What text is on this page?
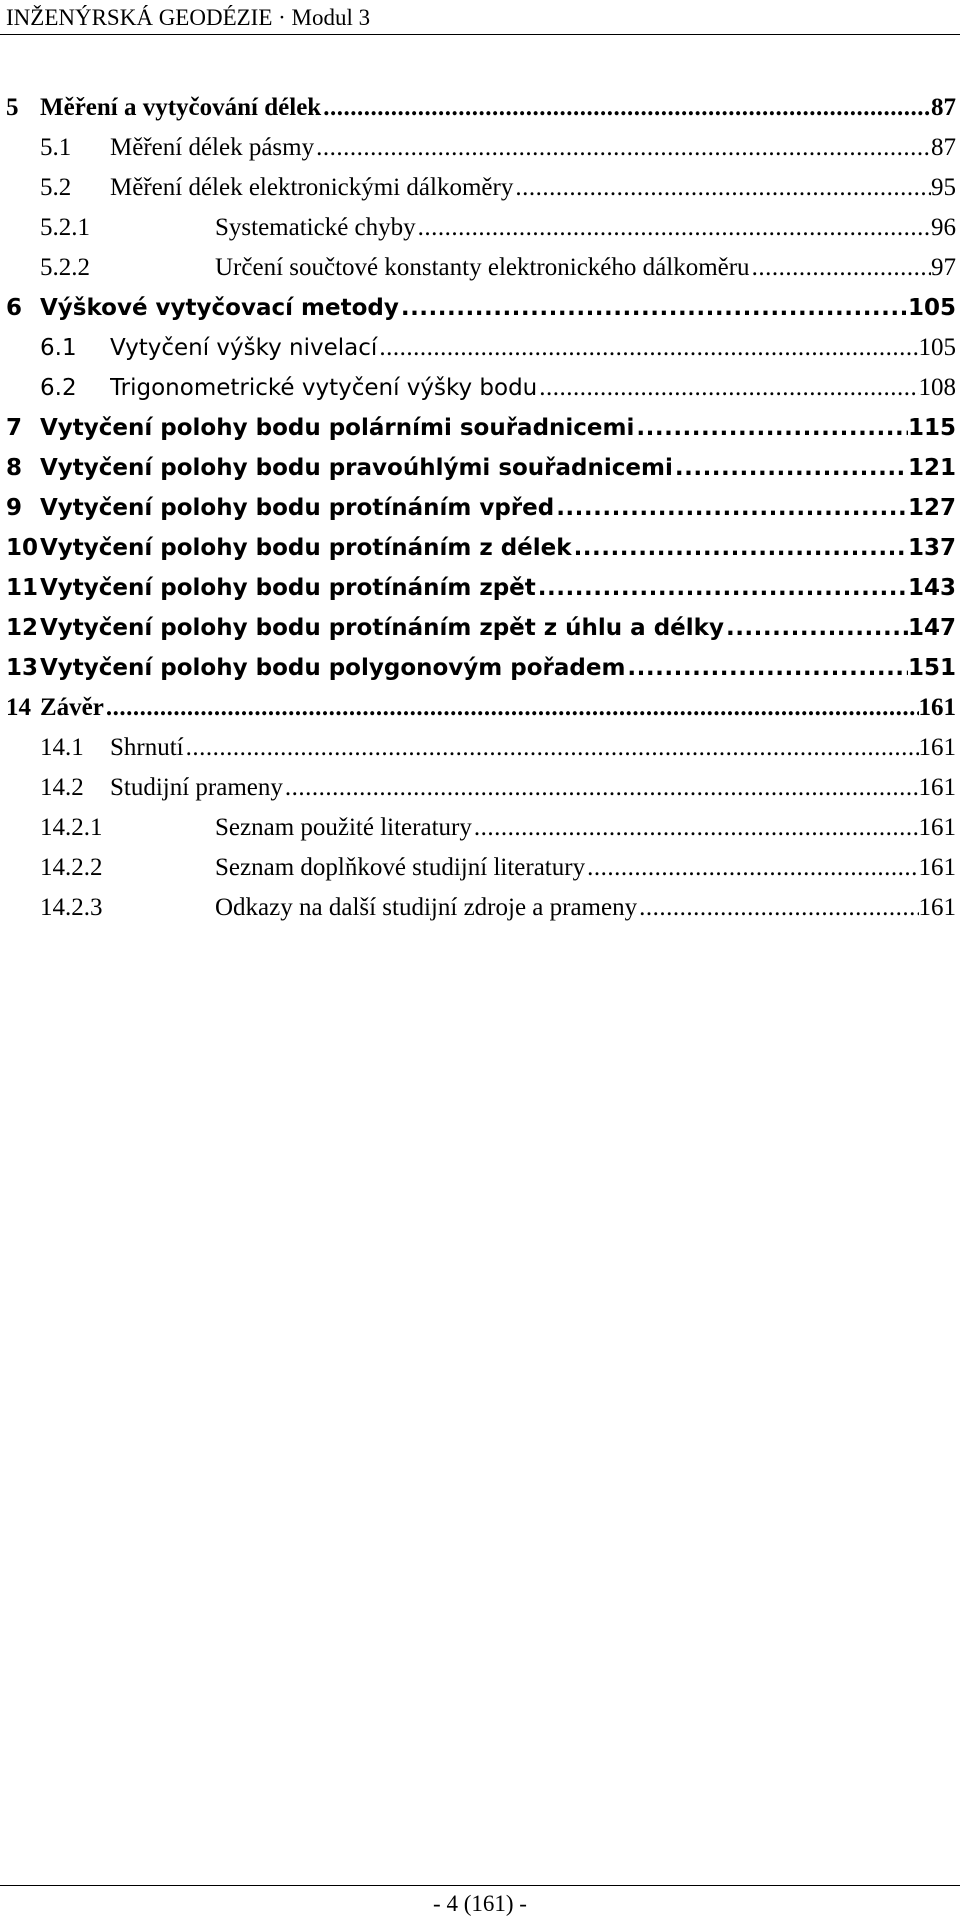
INŽENÝRSKÁ GEODÉZIE · Modul 3
5 Měření a vytyčování délek .....	87
5.1 Měření délek pásmy .....	87
5.2 Měření délek elektronickými dálkoměry .....	95
5.2.1	Systematické chyby .....	96
5.2.2	Určení součtové konstanty elektronického dálkoměru .....	97
6 Výškové vytyčovací metody .....	105
6.1 Vytyčení výšky nivelací .....	105
6.2 Trigonometrické vytyčení výšky bodu .....	108
7 Vytyčení polohy bodu polárními souřadnicemi .....	115
8 Vytyčení polohy bodu pravoúhlými souřadnicemi .....	121
9 Vytyčení polohy bodu protínáním vpřed .....	127
10 Vytyčení polohy bodu protínáním z délek .....	137
11 Vytyčení polohy bodu protínáním zpět .....	143
12 Vytyčení polohy bodu protínáním zpět z úhlu a délky .....	147
13 Vytyčení polohy bodu polygonovým pořadem .....	151
14 Závěr .....	161
14.1 Shrnutí .....	161
14.2 Studijní prameny .....	161
14.2.1	Seznam použité literatury .....	161
14.2.2	Seznam doplňkové studijní literatury .....	161
14.2.3	Odkazy na další studijní zdroje a prameny .....	161
- 4 (161) -
